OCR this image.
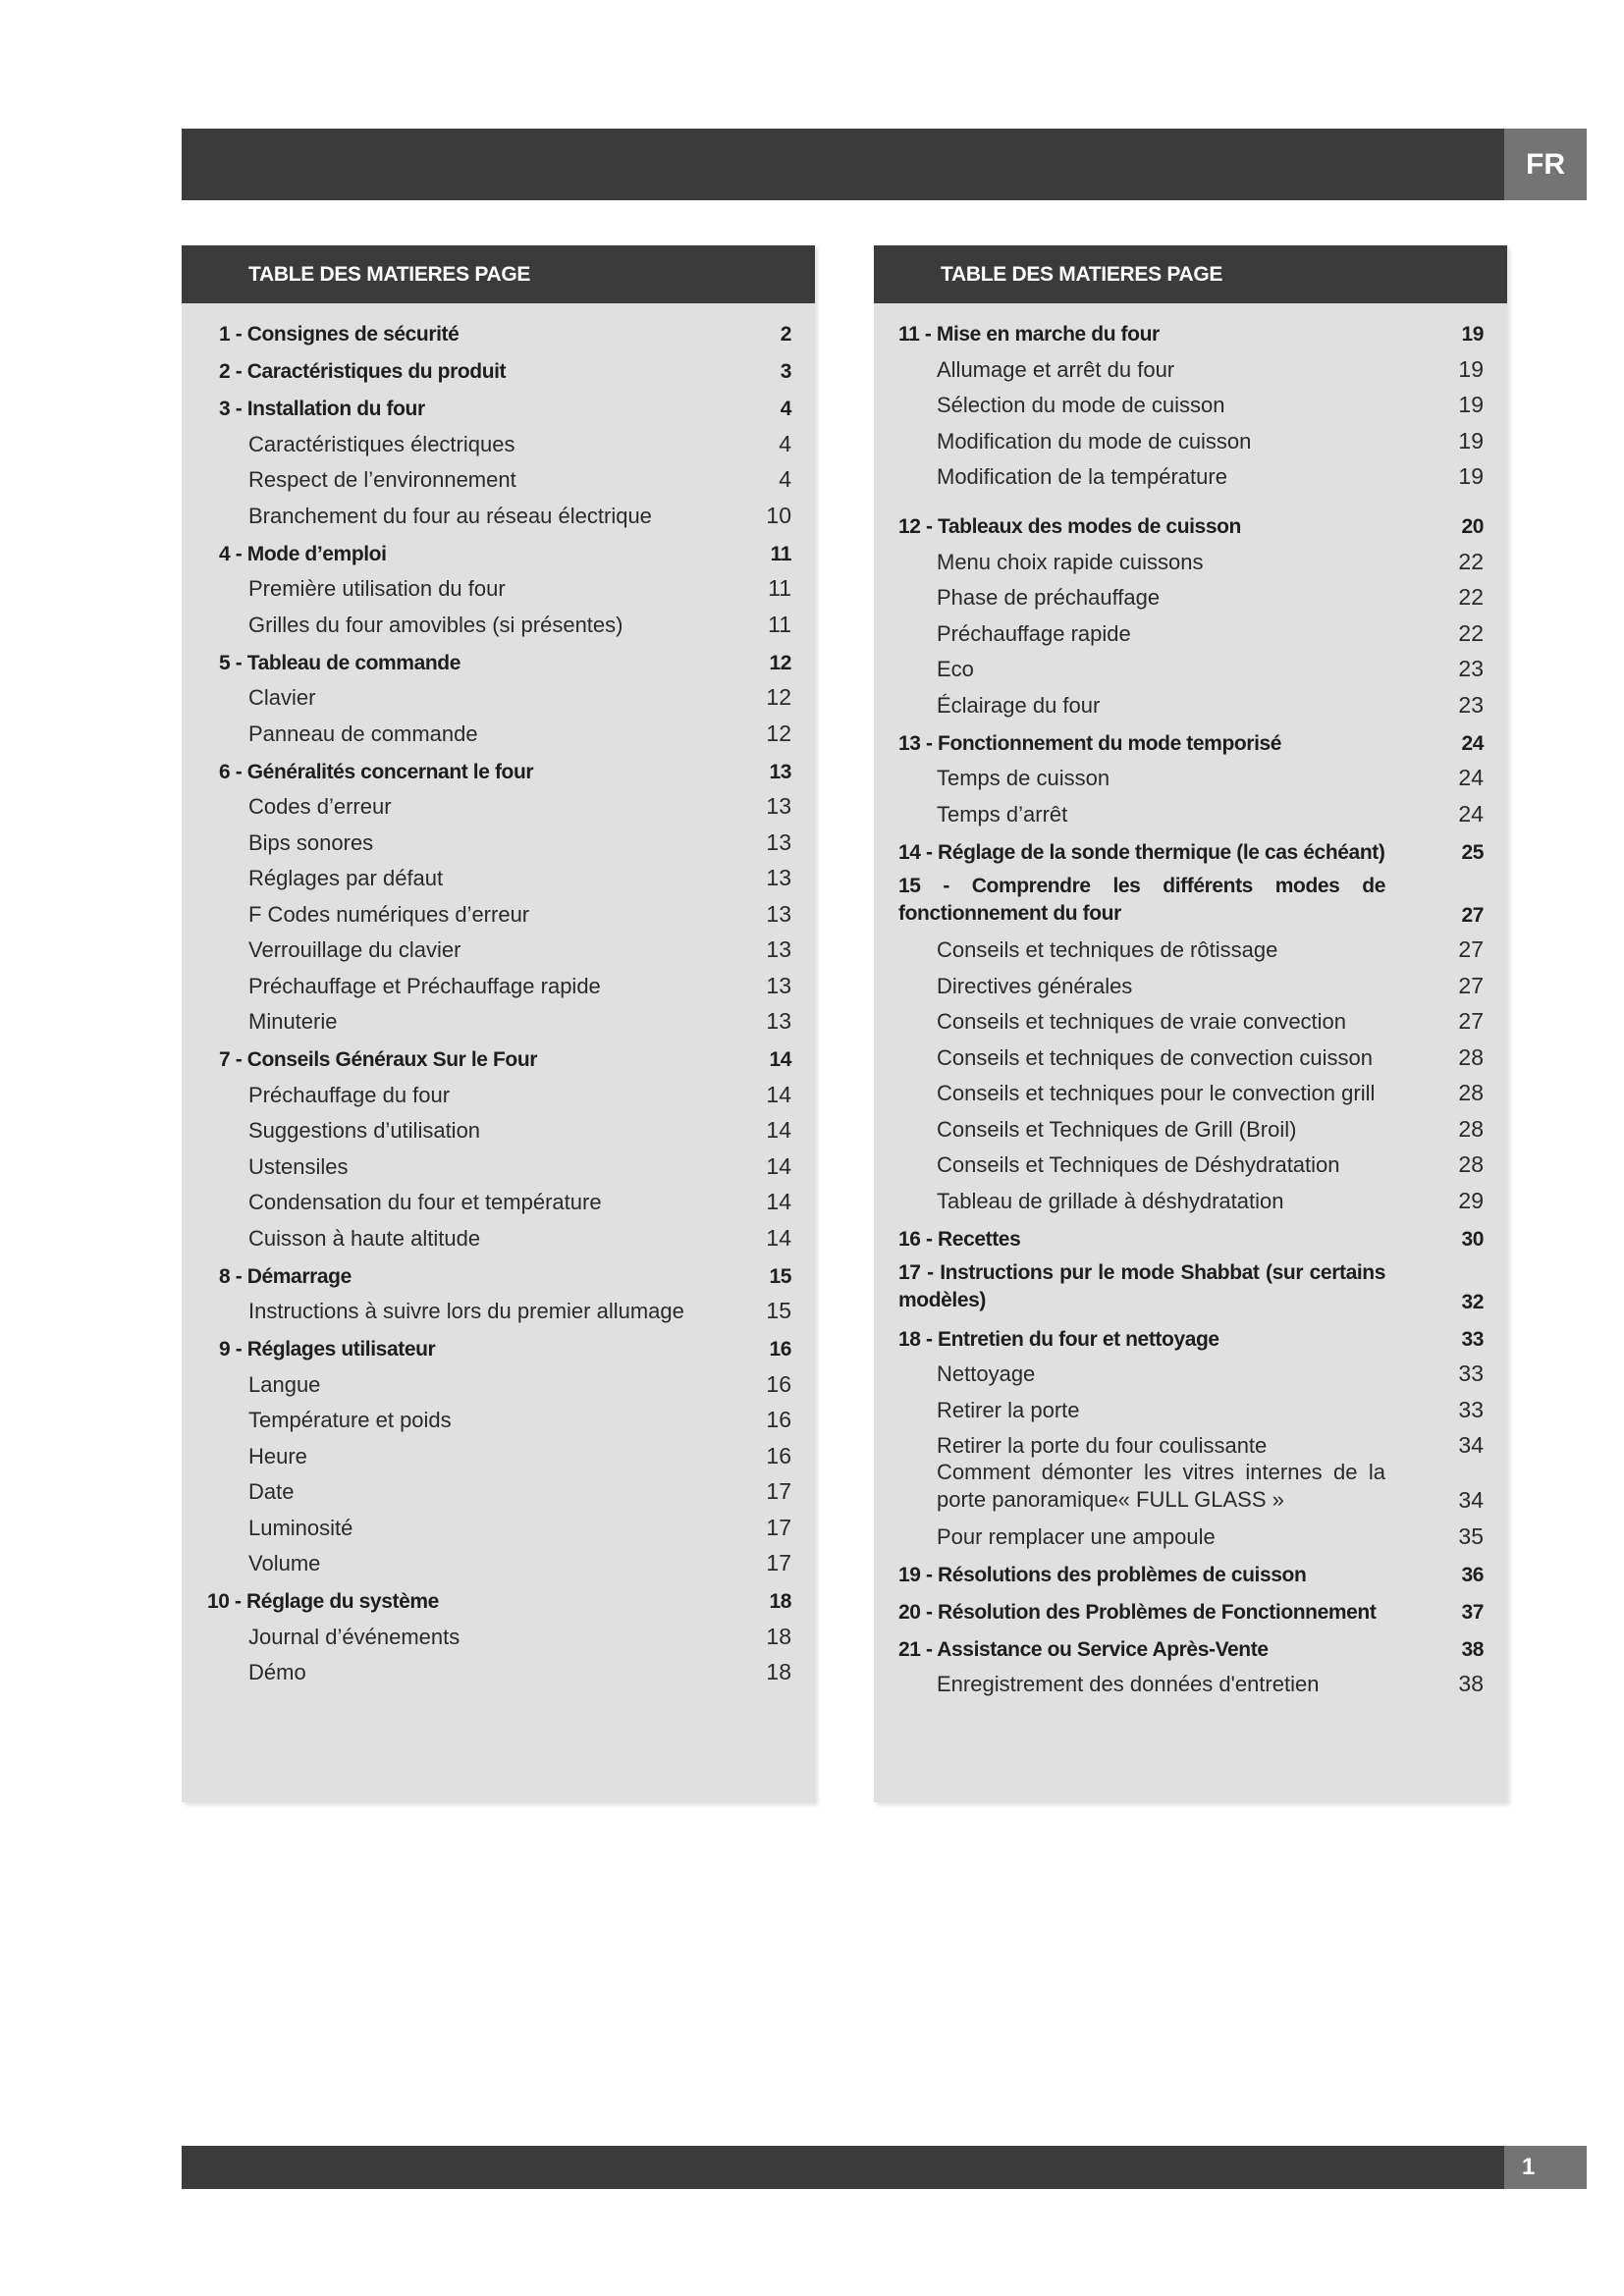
FR
TABLE DES MATIERES PAGE
1 - Consignes de sécurité	2
2 - Caractéristiques du produit	3
3 - Installation du four	4
Caractéristiques électriques	4
Respect de l’environnement	4
Branchement du four au réseau électrique	10
4 - Mode d’emploi	11
Première utilisation du four	11
Grilles du four amovibles (si présentes)	11
5 - Tableau de commande	12
Clavier	12
Panneau de commande	12
6 - Généralités concernant le four	13
Codes d’erreur	13
Bips sonores	13
Réglages par défaut	13
F Codes numériques d’erreur	13
Verrouillage du clavier	13
Préchauffage et Préchauffage rapide	13
Minuterie	13
7 - Conseils Généraux Sur le Four	14
Préchauffage du four	14
Suggestions d’utilisation	14
Ustensiles	14
Condensation du four et température	14
Cuisson à haute altitude	14
8 - Démarrage	15
Instructions à suivre lors du premier allumage	15
9 - Réglages utilisateur	16
Langue	16
Température et poids	16
Heure	16
Date	17
Luminosité	17
Volume	17
10 - Réglage du système	18
Journal d’événements	18
Démo	18
TABLE DES MATIERES PAGE
11 - Mise en marche du four	19
Allumage et arrêt du four	19
Sélection du mode de cuisson	19
Modification du mode de cuisson	19
Modification de la température	19
12 - Tableaux des modes de cuisson	20
Menu choix rapide cuissons	22
Phase de préchauffage	22
Préchauffage rapide	22
Eco	23
Éclairage du four	23
13 - Fonctionnement du mode temporisé	24
Temps de cuisson	24
Temps d’arrêt	24
14 - Réglage de la sonde thermique (le cas échéant)	25
15 - Comprendre les différents modes de fonctionnement du four	27
Conseils et techniques de rôtissage	27
Directives générales	27
Conseils et techniques de vraie convection	27
Conseils et techniques de convection cuisson	28
Conseils et techniques pour le convection grill	28
Conseils et Techniques de Grill (Broil)	28
Conseils et Techniques de Déshydratation	28
Tableau de grillade à déshydratation	29
16 - Recettes	30
17 - Instructions pur le mode Shabbat (sur certains modèles)	32
18 - Entretien du four et nettoyage	33
Nettoyage	33
Retirer la porte	33
Retirer la porte du four coulissante	34
Comment démonter les vitres internes de la porte panoramique« FULL GLASS »	34
Pour remplacer une ampoule	35
19 - Résolutions des problèmes de cuisson	36
20 - Résolution des Problèmes de Fonctionnement	37
21 - Assistance ou Service Après-Vente	38
Enregistrement des données d'entretien	38
1
